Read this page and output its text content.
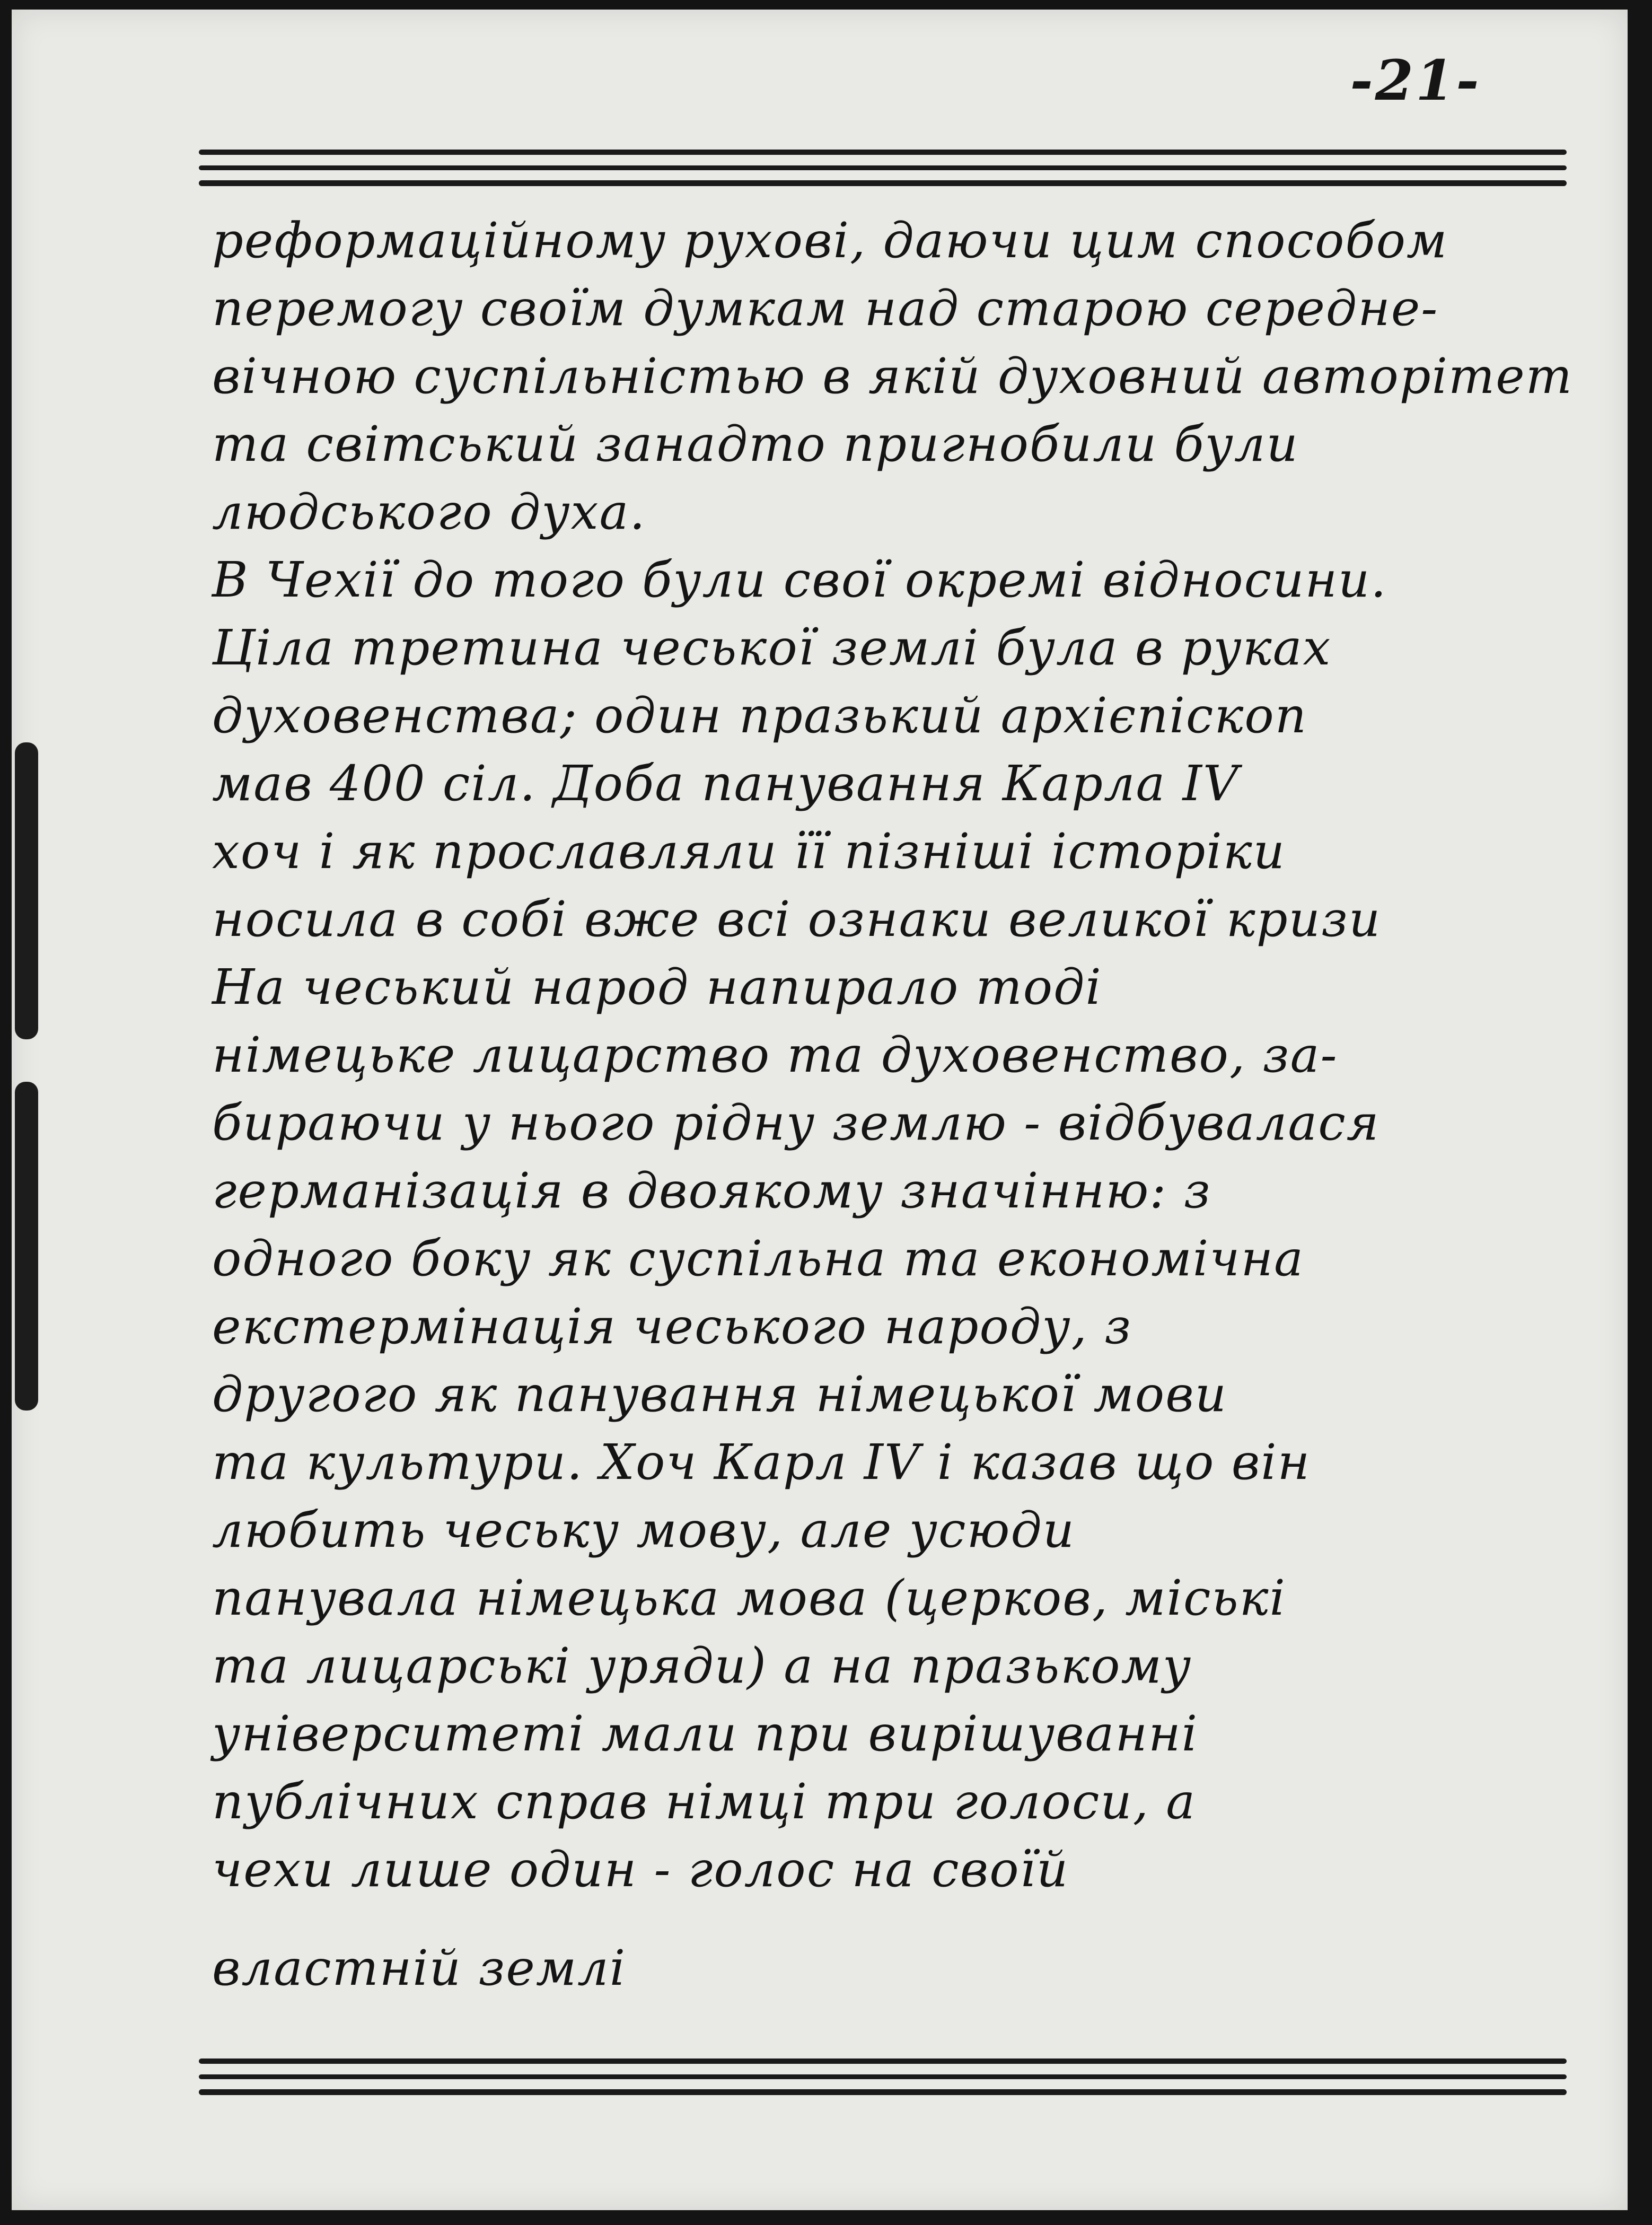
-21-
реформаційному рухові, даючи цим способом
перемогу своїм думкам над старою середне-
вічною суспільністью в якій духовний авторітет
та світський занадто пригнобили були
людського духа.
В Чехії до того були свої окремі відносини.
Ціла третина чеської землі була в руках
духовенства; один празький архієпіскоп
мав 400 сіл. Доба панування Карла IV
хоч і як прославляли її пізніші історіки
носила в собі вже всі ознаки великої кризи
На чеський народ напирало тоді
німецьке лицарство та духовенство, за-
бираючи у нього рідну землю - відбувалася
германізація в двоякому значінню: з
одного боку як суспільна та економічна
екстермінація чеського народу, з
другого як панування німецької мови
та культури. Хоч Карл IV і казав що він
любить чеську мову, але усюди
панувала німецька мова (церков, міські
та лицарські уряди) а на празькому
університеті мали при вирішуванні
публічних справ німці три голоси, а
чехи лише один - голос на своїй
властній землі
